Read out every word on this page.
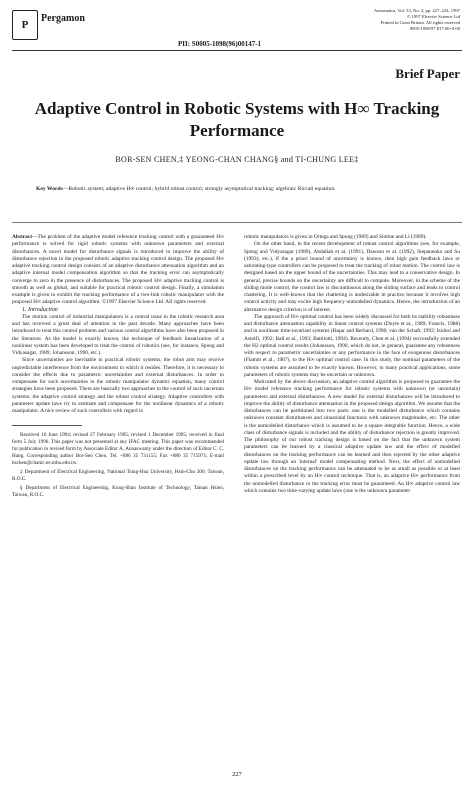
P
Pergamon
Automatica, Vol. 33, No. 2, pp. 227–234, 1997
© 1997 Elsevier Science Ltd
Printed in Great Britain. All rights reserved
0005-1098/97 $17.00+0.00
PII: S0005-1098(96)00147-1
Brief Paper
Adaptive Control in Robotic Systems with H∞ Tracking Performance
BOR-SEN CHEN,‡ YEONG-CHAN CHANG§ and TI-CHUNG LEE‡
Key Words—Robotic system; adaptive H∞ control; hybrid robust control; strongly asymptotical tracking; algebraic Riccati equation.

Abstract—The problem of the adaptive model reference tracking control with a guaranteed H∞ performance is solved for rigid robotic systems with unknown parameters and external disturbances. A novel model for disturbance signals is introduced to improve the ability of disturbance rejection in the proposed robotic adaptive tracking control design. The proposed H∞ adaptive tracking control design consists of an adaptive disturbance attenuation algorithm and an adaptive internal model compensation algorithm so that the tracking error can asymptotically converge to zero in the presence of disturbances. The proposed H∞ adaptive tracking control is smooth as well as global, and suitable for practical robotic control design. Finally, a simulation example is given to exhibit the tracking performance of a two-link robotic manipulator with the proposed H∞ adaptive control algorithm. ©1997 Elsevier Science Ltd. All rights reserved.

1. Introduction

The motion control of industrial manipulators is a central issue in the robotic research area and has received a great deal of attention in the past decade. Many approaches have been introduced to treat this control problem and various control algorithms have also been proposed in the literature. As the model is exactly known, the technique of feedback linearization of a nonlinear system has been developed to treat the control of robotics (see, for instance, Spong and Vidyasagar, 1989; Johansson, 1990, etc.).

Since uncertainties are inevitable in practical robotic systems, the robot arm may receive unpredictable interference from the environment in which it resides. Therefore, it is necessary to consider the effects due to parametric uncertainties and external disturbances. In order to compensate for such uncertainties in the robotic manipulator dynamic equation, many control strategies have been proposed. There are basically two approaches to the control of such uncertain systems: the adaptive control strategy and the robust control strategy. Adaptive controllers with parameter update laws try to estimate and compensate for the nonlinear dynamics of a robotic manipulator. A nice review of such controllers with regard to

Received 10 June 1994; revised 27 February 1995; revised 1 December 1995; received in final form 5 July 1996. This paper was not presented at any IFAC meeting. This paper was recommended for publication in revised form by Associate Editor A. Annaswamy under the direction of Editor C. C. Hang. Corresponding author Bor-Sen Chen. Tel. +886 35 731155; Fax +886 35 715971; E-mail bschen@chanic.ee.nthu.edu.tw.

‡ Department of Electrical Engineering, National Tsing-Hua University, Hsin-Chu 300, Taiwan, R.O.C.

§ Department of Electrical Engineering, Kung-Shan Institute of Technology, Tainan Hsien, Taiwan, R.O.C.

robotic manipulators is given in Ortega and Spong (1989) and Slotine and Li (1989).

On the other hand, in the recent development of robust control algorithms (see, for example, Spong and Vidyasagar (1989), Abdallah et al. (1991), Dawson et al. (1992), Stepanenko and Su (1993), etc.), if the a priori bound of uncertainty is known, then high gain feedback laws or saturating-type controllers can be proposed to treat the tracking of robot motion. The control law is designed based on the upper bound of the uncertainties. This may lead to a conservative design. In general, precise bounds on the uncertainty are difficult to compute. Moreover, in the scheme of the sliding mode control, the control law is discontinuous along the sliding surface and leads to control chattering. It is well-known that the chattering is undesirable in practice because it involves high control activity and may excite high frequency unmodelled dynamics. Hence, the introduction of an alternative design criterion is of interest.

The approach of H∞ optimal control has been widely discussed for both its stability robustness and disturbance attenuation capability in linear control systems (Doyle et al., 1989; Francis, 1988) and in nonlinear time-invariant systems (Başar and Berhard, 1990; van der Schaft, 1992; Isidori and Astolfi, 1992; Ball et al., 1993; Battilotti, 1994). Recently, Chen et al. (1994) successfully extended the H2 optimal control results (Johansson, 1990, which do not, in general, guarantee any robustness with respect to parametric uncertainties or any performance in the face of exogenous disturbances (Flamm et al., 1987), to the H∞ optimal control case. In this study, the nominal parameters of the robotic systems are assumed to be exactly known. However, in many practical applications, some parameters of robotic systems may be uncertain or unknown.

Motivated by the above discussion, an adaptive control algorithm is proposed to guarantee the H∞ model reference tracking performance for robotic systems with unknown (or uncertain) parameters and external disturbances. A new model for external disturbances will be introduced to improve the ability of disturbance attenuation in the proposed design algorithm. We assume that the disturbances can be partitioned into two parts: one is the modelled disturbance which contains unknown constant disturbances and sinusoidal functions with unknown magnitudes, etc. The other is the unmodelled disturbance which is assumed to be a square integrable function. Hence, a wide class of disturbance signals is included and the ability of disturbance rejection is greatly improved. The philosophy of our robust tracking design is based on the fact that the unknown system parameters can be learned by a classical adaptive update law and the effect of modelled disturbances on the tracking performance can be learned and then rejected by the other adaptive update law through an 'internal' model compensating method. Next, the effect of unmodelled disturbances on the tracking performance can be attenuated to be as small as possible or at least within a prescribed level by an H∞ control technique. That is, an adaptive H∞ performance from the unmodelled disturbance to the tracking error must be guaranteed. An H∞ adaptive control law which contains two time-varying update laws (one is the unknown parameter

227
